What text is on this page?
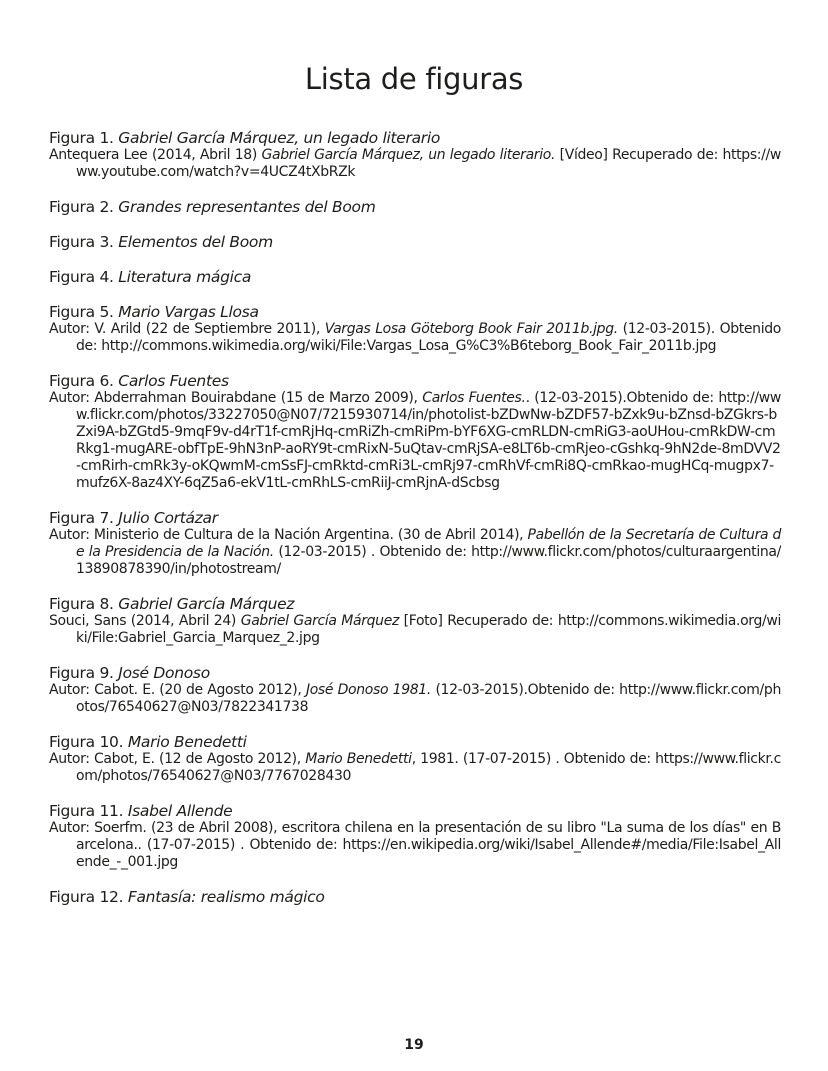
Lista de figuras
Figura 1. Gabriel García Márquez, un legado literario
Antequera Lee (2014, Abril 18) Gabriel García Márquez, un legado literario. [Vídeo] Recuperado de: https://www.youtube.com/watch?v=4UCZ4tXbRZk
Figura 2. Grandes representantes del Boom
Figura 3. Elementos del Boom
Figura 4. Literatura mágica
Figura 5. Mario Vargas Llosa
Autor: V. Arild (22 de Septiembre 2011), Vargas Losa Göteborg Book Fair 2011b.jpg. (12-03-2015). Obtenido de: http://commons.wikimedia.org/wiki/File:Vargas_Losa_G%C3%B6teborg_Book_Fair_2011b.jpg
Figura 6. Carlos Fuentes
Autor: Abderrahman Bouirabdane (15 de Marzo 2009), Carlos Fuentes.. (12-03-2015).Obtenido de: http://www.flickr.com/photos/33227050@N07/7215930714/in/photolist-bZDwNw-bZDF57-bZxk9u-bZnsd-bZGkrs-bZxi9A-bZGtd5-9mqF9v-d4rT1f-cmRjHq-cmRiZh-cmRiPm-bYF6XG-cmRLDN-cmRiG3-aoUHou-cmRkDW-cmRkg1-mugARE-obfTpE-9hN3nP-aoRY9t-cmRixN-5uQtav-cmRjSA-e8LT6b-cmRjeo-cGshkq-9hN2de-8mDVV2-cmRirh-cmRk3y-oKQwmM-cmSsFJ-cmRktd-cmRi3L-cmRj97-cmRhVf-cmRi8Q-cmRkao-mugHCq-mugpx7-mufz6X-8az4XY-6qZ5a6-ekV1tL-cmRhLS-cmRiiJ-cmRjnA-dScbsg
Figura 7. Julio Cortázar
Autor: Ministerio de Cultura de la Nación Argentina. (30 de Abril 2014), Pabellón de la Secretaría de Cultura de la Presidencia de la Nación. (12-03-2015) . Obtenido de: http://www.flickr.com/photos/culturaargentina/13890878390/in/photostream/
Figura 8. Gabriel García Márquez
Souci, Sans (2014, Abril 24) Gabriel García Márquez [Foto] Recuperado de: http://commons.wikimedia.org/wiki/File:Gabriel_Garcia_Marquez_2.jpg
Figura 9. José Donoso
Autor: Cabot. E. (20 de Agosto 2012), José Donoso 1981. (12-03-2015).Obtenido de: http://www.flickr.com/photos/76540627@N03/7822341738
Figura 10. Mario Benedetti
Autor: Cabot, E. (12 de Agosto 2012), Mario Benedetti, 1981. (17-07-2015) . Obtenido de: https://www.flickr.com/photos/76540627@N03/7767028430
Figura 11. Isabel Allende
Autor: Soerfm. (23 de Abril 2008), escritora chilena en la presentación de su libro "La suma de los días" en Barcelona.. (17-07-2015) . Obtenido de: https://en.wikipedia.org/wiki/Isabel_Allende#/media/File:Isabel_Allende_-_001.jpg
Figura 12. Fantasía: realismo mágico
19
